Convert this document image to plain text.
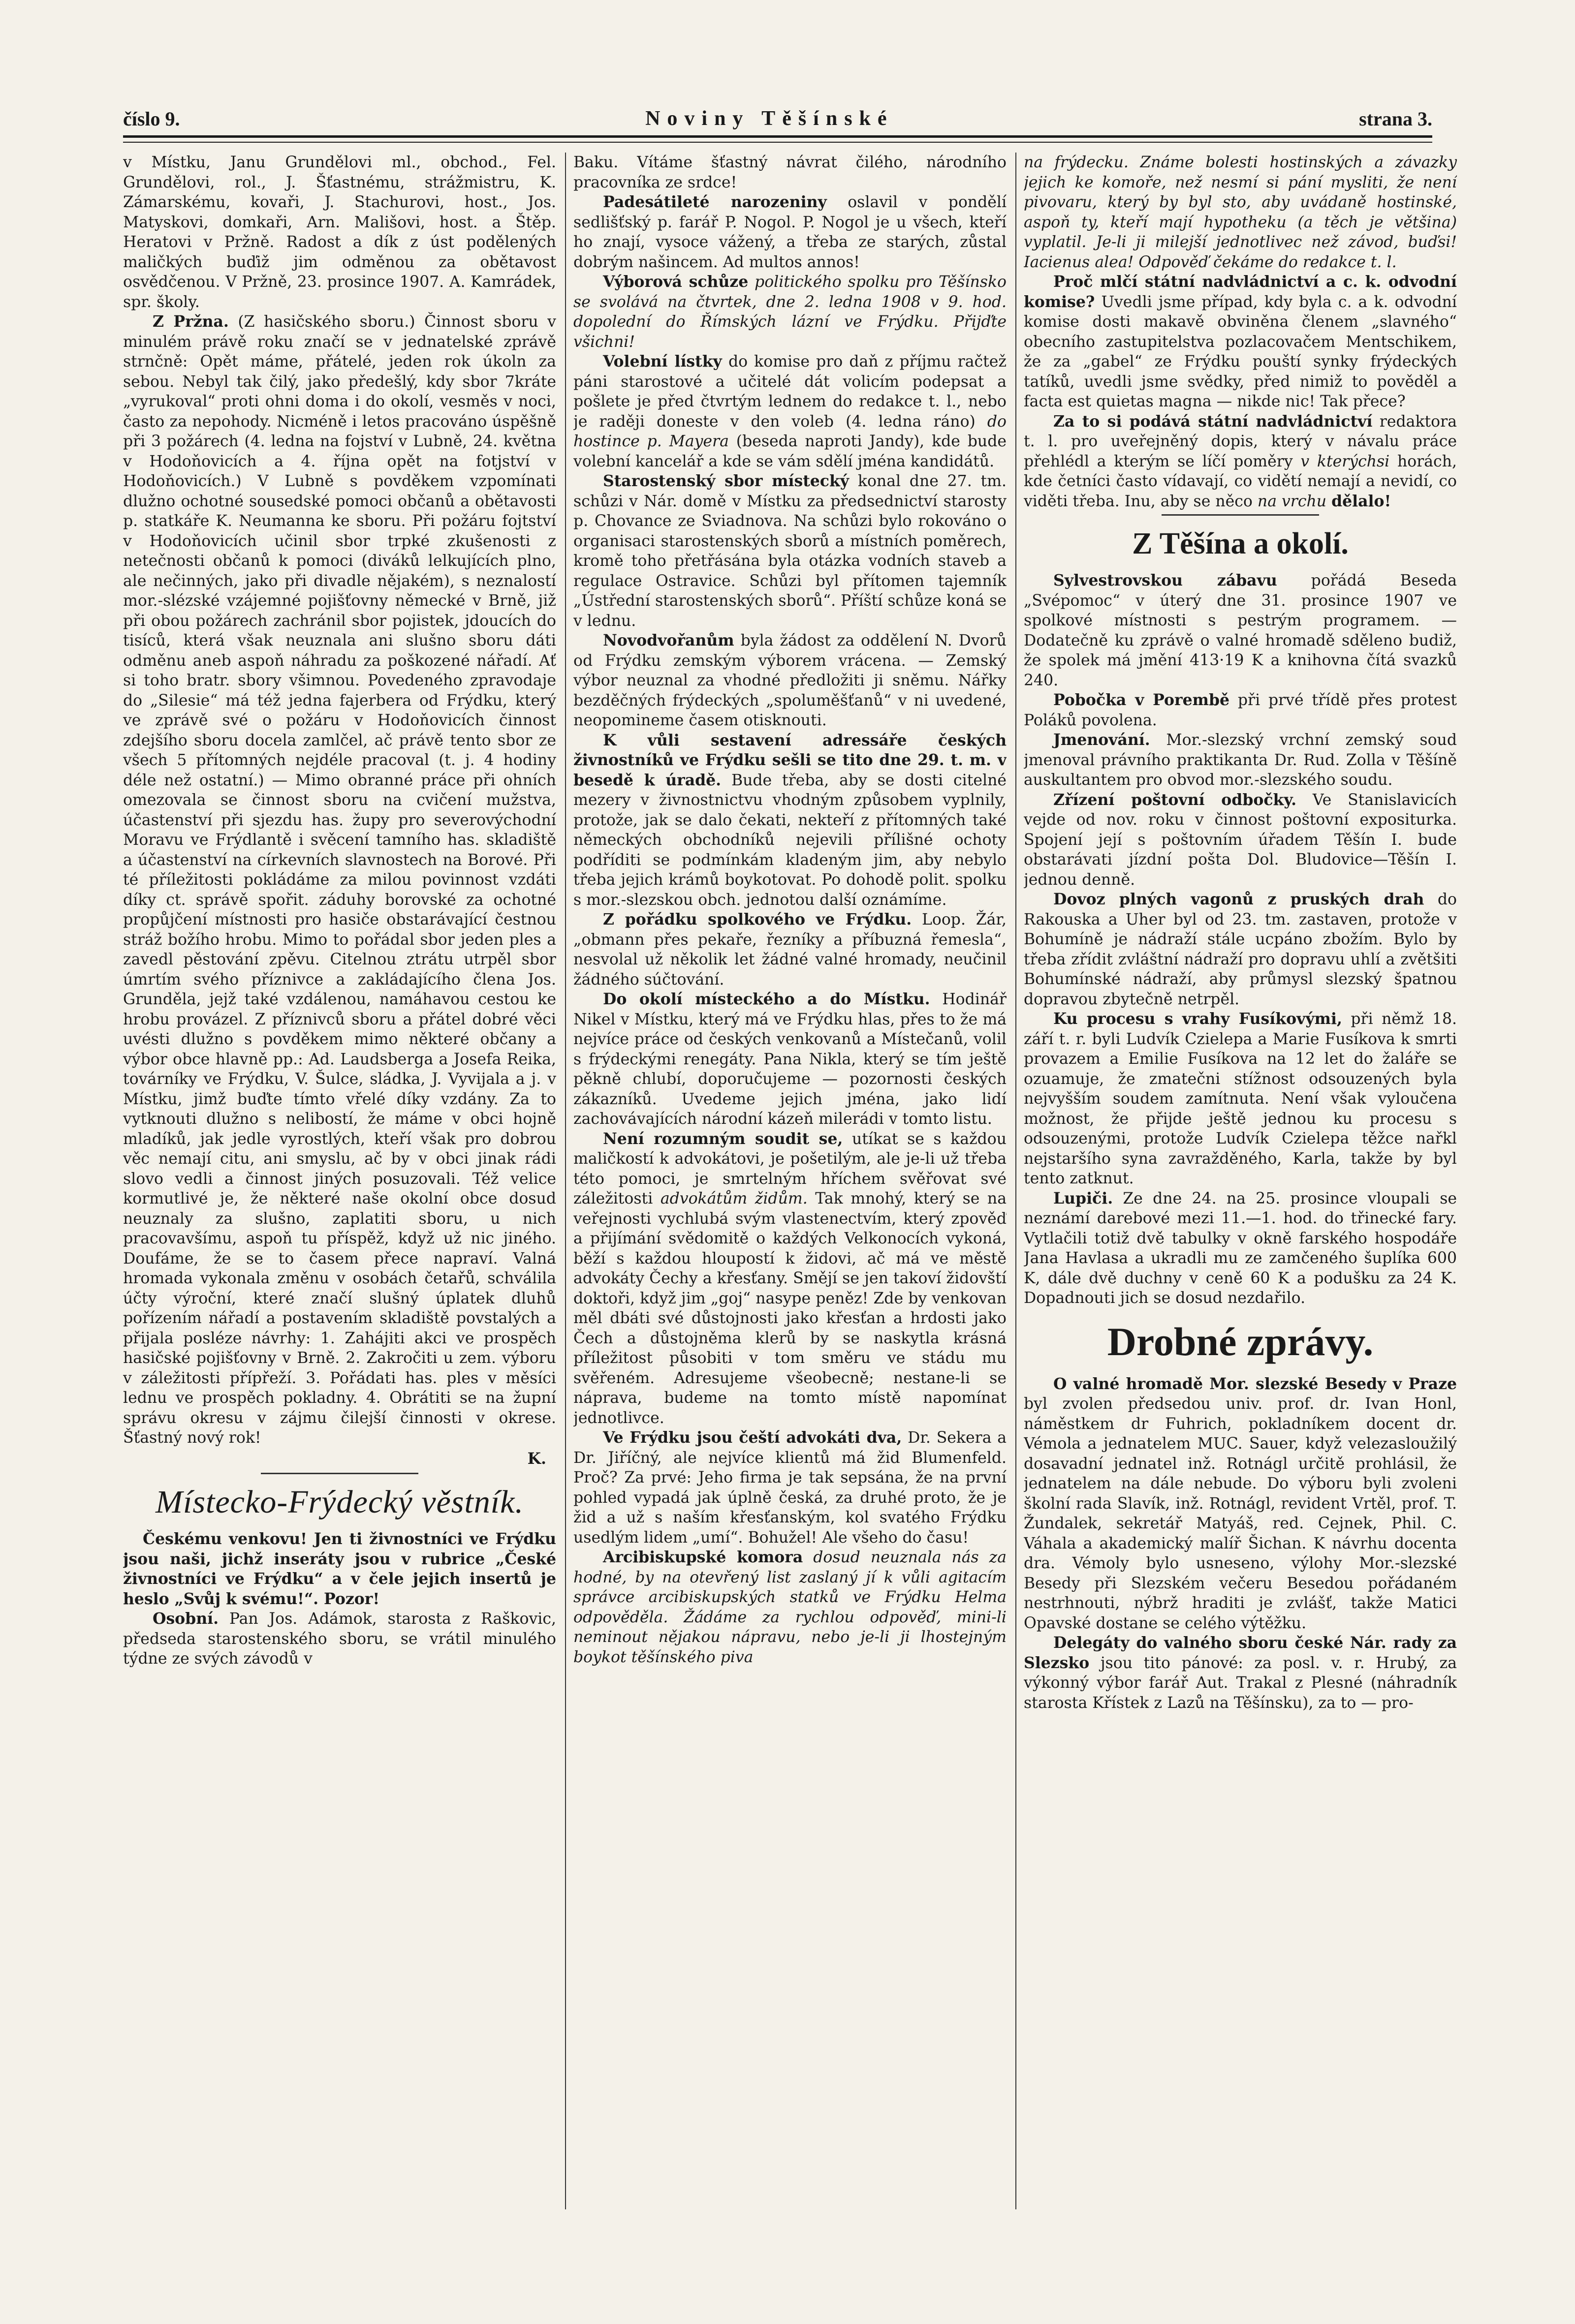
číslo 9.	Noviny Těšínské	strana 3.

v Místku, Janu Grundělovi ml., obchod., Fel. Grundělovi, rol., J. Šťastnému, strážmistru, K. Zámarskému, kovaři, J. Stachurovi, host., Jos. Matyskovi, domkaři, Arn. Mališovi, host. a Štěp. Heratovi v Pržně. Radost a dík z úst podělených maličkých buďiž jim odměnou za obětavost osvědčenou. V Pržně, 23. prosince 1907. A. Kamrádek, spr. školy.

Z Pržna. (Z hasičského sboru.) Činnost sboru v minulém právě roku značí se v jednatelské zprávě strnčně: Opět máme, přátelé, jeden rok úkoln za sebou. Nebyl tak čilý, jako předešlý, kdy sbor 7kráte „vyrukoval“ proti ohni doma i do okolí, vesměs v noci, často za nepohody. Nicméně i letos pracováno úspěšně při 3 požárech (4. ledna na fojství v Lubně, 24. května v Hodoňovicích a 4. října opět na fotjství v Hodoňovicích.) V Lubně s povděkem vzpomínati dlužno ochotné sousedské pomoci občanů a obětavosti p. statkáře K. Neumanna ke sboru. Při požáru fojtství v Hodoňovicích učinil sbor trpké zkušenosti z netečnosti občanů k pomoci (diváků lelkujících plno, ale nečinných, jako při divadle nějakém), s neznalostí mor.-slézské vzájemné pojišťovny německé v Brně, již při obou požárech zachránil sbor pojistek, jdoucích do tisíců, která však neuznala ani slušno sboru dáti odměnu aneb aspoň náhradu za poškozené nářadí. Ať si toho bratr. sbory všimnou. Povedeného zpravodaje do „Silesie“ má též jedna fajerbera od Frýdku, který ve zprávě své o požáru v Hodoňovicích činnost zdejšího sboru docela zamlčel, ač právě tento sbor ze všech 5 přítomných nejdéle pracoval (t. j. 4 hodiny déle než ostatní.) — Mimo obranné práce při ohních omezovala se činnost sboru na cvičení mužstva, účastenství při sjezdu has. župy pro severovýchodní Moravu ve Frýdlantě i svěcení tamního has. skladiště a účastenství na církevních slavnostech na Borové. Při té příležitosti pokládáme za milou povinnost vzdáti díky ct. správě spořit. záduhy borovské za ochotné propůjčení místnosti pro hasiče obstarávající čestnou stráž božího hrobu. Mimo to pořádal sbor jeden ples a zavedl pěstování zpěvu. Citelnou ztrátu utrpěl sbor úmrtím svého příznivce a zakládajícího člena Jos. Grunděla, jejž také vzdálenou, namáhavou cestou ke hrobu provázel. Z příznivců sboru a přátel dobré věci uvésti dlužno s povděkem mimo některé občany a výbor obce hlavně pp.: Ad. Laudsberga a Josefa Reika, továrníky ve Frýdku, V. Šulce, sládka, J. Vyvijala a j. v Místku, jimž buďte tímto vřelé díky vzdány. Za to vytknouti dlužno s nelibostí, že máme v obci hojně mladíků, jak jedle vyrostlých, kteří však pro dobrou věc nemají citu, ani smyslu, ač by v obci jinak rádi slovo vedli a činnost jiných posuzovali. Též velice kormutlivé je, že některé naše okolní obce dosud neuznaly za slušno, zaplatiti sboru, u nich pracovavšímu, aspoň tu příspěž, když už nic jiného. Doufáme, že se to časem přece napraví. Valná hromada vykonala změnu v osobách četařů, schválila účty výroční, které značí slušný úplatek dluhů pořízením nářadí a postavením skladiště povstalých a přijala posléze návrhy: 1. Zahájiti akci ve prospěch hasičské pojišťovny v Brně. 2. Zakročiti u zem. výboru v záležitosti přípřeží. 3. Pořádati has. ples v měsíci lednu ve prospěch pokladny. 4. Obrátiti se na župní správu okresu v zájmu čilejší činnosti v okrese. Šťastný nový rok!

K.

Místecko-Frýdecký věstník.

Českému venkovu! Jen ti živnostníci ve Frýdku jsou naši, jichž inseráty jsou v rubrice „České živnostníci ve Frýdku“ a v čele jejich insertů je heslo „Svůj k svému!“. Pozor!

Osobní. Pan Jos. Adámok, starosta z Raškovic, předseda starostenského sboru, se vrátil minulého týdne ze svých závodů v

Baku. Vítáme šťastný návrat čilého, národního pracovníka ze srdce!

Padesátileté narozeniny oslavil v pondělí sedlišťský p. farář P. Nogol. P. Nogol je u všech, kteří ho znají, vysoce vážený, a třeba ze starých, zůstal dobrým našincem. Ad multos annos!

Výborová schůze politického spolku pro Těšínsko se svolává na čtvrtek, dne 2. ledna 1908 v 9. hod. dopolední do Římských lázní ve Frýdku. Přijďte všichni!

Volební lístky do komise pro daň z příjmu račtež páni starostové a učitelé dát volicím podepsat a pošlete je před čtvrtým lednem do redakce t. l., nebo je raději doneste v den voleb (4. ledna ráno) do hostince p. Mayera (beseda naproti Jandy), kde bude volební kancelář a kde se vám sdělí jména kandidátů.

Starostenský sbor místecký konal dne 27. tm. schůzi v Nár. domě v Místku za předsednictví starosty p. Chovance ze Sviadnova. Na schůzi bylo rokováno o organisaci starostenských sborů a místních poměrech, kromě toho přetřásána byla otázka vodních staveb a regulace Ostravice. Schůzi byl přítomen tajemník „Ústřední starostenských sborů“. Příští schůze koná se v lednu.

Novodvořanům byla žádost za oddělení N. Dvorů od Frýdku zemským výborem vrácena. — Zemský výbor neuznal za vhodné předložiti ji sněmu. Nářky bezděčných frýdeckých „spoluměšťanů“ v ni uvedené, neopomineme časem otisknouti.

K vůli sestavení adressáře českých živnostníků ve Frýdku sešli se tito dne 29. t. m. v besedě k úradě. Bude třeba, aby se dosti citelné mezery v živnostnictvu vhodným způsobem vyplnily, protože, jak se dalo čekati, nekteří z přítomných také německých obchodníků nejevili přílišné ochoty podříditi se podmínkám kladeným jim, aby nebylo třeba jejich krámů boykotovat. Po dohodě polit. spolku s mor.-slezskou obch. jednotou další oznámíme.

Z pořádku spolkového ve Frýdku. Loop. Žár, „obmann přes pekaře, řezníky a příbuzná řemesla“, nesvolal už několik let žádné valné hromady, neučinil žádného súčtování.

Do okolí místeckého a do Místku. Hodinář Nikel v Místku, který má ve Frýdku hlas, přes to že má nejvíce práce od českých venkovanů a Místečanů, volil s frýdeckými renegáty. Pana Nikla, který se tím ještě pěkně chlubí, doporučujeme — pozornosti českých zákazníků. Uvedeme jejich jména, jako lidí zachovávajících národní kázeň milerádi v tomto listu.

Není rozumným soudit se, utíkat se s každou maličkostí k advokátovi, je pošetilým, ale je-li už třeba této pomoci, je smrtelným hříchem svěřovat své záležitosti advokátům židům. Tak mnohý, který se na veřejnosti vychlubá svým vlastenectvím, který zpověď a přijímání svědomitě o každých Velkonocích vykoná, běží s každou hloupostí k židovi, ač má ve městě advokáty Čechy a křesťany. Smějí se jen takoví židovští doktoři, když jim „goj“ nasype peněz! Zde by venkovan měl dbáti své důstojnosti jako křesťan a hrdosti jako Čech a důstojněma klerů by se naskytla krásná příležitost působiti v tom směru ve stádu mu svěřeném. Adresujeme všeobecně; nestane-li se náprava, budeme na tomto místě napomínat jednotlivce.

Ve Frýdku jsou čeští advokáti dva, Dr. Sekera a Dr. Jiříčný, ale nejvíce klientů má žid Blumenfeld. Proč? Za prvé: Jeho firma je tak sepsána, že na první pohled vypadá jak úplně česká, za druhé proto, že je žid a už s naším křesťanským, kol svatého Frýdku usedlým lidem „umí“. Bohužel! Ale všeho do času!

Arcibiskupské komora dosud neuznala nás za hodné, by na otevřený list zaslaný jí k vůli agitacím správce arcibiskupských statků ve Frýdku Helma odpověděla. Žádáme za rychlou odpověď, mini-li neminout nějakou nápravu, nebo je-li ji lhostejným boykot těšínského piva

na frýdecku. Známe bolesti hostinských a závazky jejich ke komoře, než nesmí si pání mysliti, že není pivovaru, který by byl sto, aby uvádaně hostinské, aspoň ty, kteří mají hypotheku (a těch je většina) vyplatil. Je-li ji milejší jednotlivec než závod, buďsi! Iacienus alea! Odpověď čekáme do redakce t. l.

Proč mlčí státní nadvládnictví a c. k. odvodní komise? Uvedli jsme případ, kdy byla c. a k. odvodní komise dosti makavě obviněna členem „slavného“ obecního zastupitelstva pozlacovačem Mentschikem, že za „gabel“ ze Frýdku pouští synky frýdeckých tatíků, uvedli jsme svědky, před nimiž to pověděl a facta est quietas magna — nikde nic! Tak přece?

Za to si podává státní nadvládnictví redaktora t. l. pro uveřejněný dopis, který v návalu práce přehlédl a kterým se líčí poměry v kterýchsi horách, kde četníci často vídavají, co vidětí nemají a nevidí, co viděti třeba. Inu, aby se něco na vrchu dělalo!

Z Těšína a okolí.

Sylvestrovskou zábavu pořádá Beseda „Svépomoc“ v úterý dne 31. prosince 1907 ve spolkové místnosti s pestrým programem. — Dodatečně ku zprávě o valné hromadě sděleno budiž, že spolek má jmění 413·19 K a knihovna čítá svazků 240.

Pobočka v Porembě při prvé třídě přes protest Poláků povolena.

Jmenování. Mor.-slezský vrchní zemský soud jmenoval právního praktikanta Dr. Rud. Zolla v Těšíně auskultantem pro obvod mor.-slezského soudu.

Zřízení poštovní odbočky. Ve Stanislavicích vejde od nov. roku v činnost poštovní expositurka. Spojení její s poštovním úřadem Těšín I. bude obstarávati jízdní pošta Dol. Bludovice—Těšín I. jednou denně.

Dovoz plných vagonů z pruských drah do Rakouska a Uher byl od 23. tm. zastaven, protože v Bohumíně je nádraží stále ucpáno zbožím. Bylo by třeba zřídit zvláštní nádraží pro dopravu uhlí a zvětšiti Bohumínské nádraží, aby průmysl slezský špatnou dopravou zbytečně netrpěl.

Ku procesu s vrahy Fusíkovými, při němž 18. září t. r. byli Ludvík Czielepa a Marie Fusíkova k smrti provazem a Emilie Fusíkova na 12 let do žaláře se ozuamuje, že zmatečni stížnost odsouzených byla nejvyšším soudem zamítnuta. Není však vyloučena možnost, že přijde ještě jednou ku procesu s odsouzenými, protože Ludvík Czielepa těžce nařkl nejstaršího syna zavražděného, Karla, takže by byl tento zatknut.

Lupiči. Ze dne 24. na 25. prosince vloupali se neznámí darebové mezi 11.—1. hod. do třinecké fary. Vytlačili totiž dvě tabulky v okně farského hospodáře Jana Havlasa a ukradli mu ze zamčeného šuplíka 600 K, dále dvě duchny v ceně 60 K a podušku za 24 K. Dopadnouti jich se dosud nezdařilo.

Drobné zprávy.

O valné hromadě Mor. slezské Besedy v Praze byl zvolen předsedou univ. prof. dr. Ivan Honl, náměstkem dr Fuhrich, pokladníkem docent dr. Vémola a jednatelem MUC. Sauer, když velezasloužilý dosavadní jednatel inž. Rotnágl určitě prohlásil, že jednatelem na dále nebude. Do výboru byli zvoleni školní rada Slavík, inž. Rotnágl, revident Vrtěl, prof. T. Žundalek, sekretář Matyáš, red. Cejnek, Phil. C. Váhala a akademický malíř Šichan. K návrhu docenta dra. Vémoly bylo usneseno, výlohy Mor.-slezské Besedy při Slezském večeru Besedou pořádaném nestrhnouti, nýbrž hraditi je zvlášť, takže Matici Opavské dostane se celého výtěžku.

Delegáty do valného sboru české Nár. rady za Slezsko jsou tito pánové: za posl. v. r. Hrubý, za výkonný výbor farář Aut. Trakal z Plesné (náhradník starosta Křístek z Lazů na Těšínsku), za to — pro-
